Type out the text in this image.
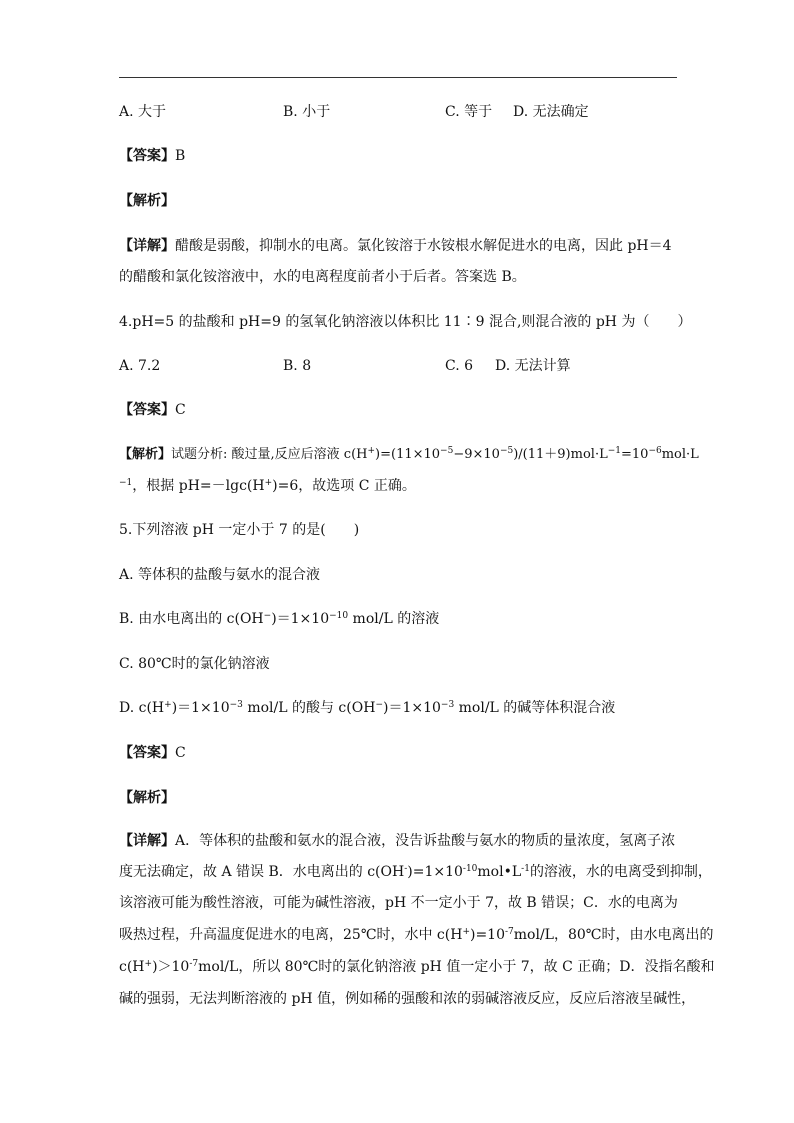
A. 大于	B. 小于	C. 等于 D. 无法确定
【答案】B
【解析】
【详解】醋酸是弱酸，抑制水的电离。氯化铵溶于水铵根水解促进水的电离，因此 pH＝4
的醋酸和氯化铵溶液中，水的电离程度前者小于后者。答案选 B。
4.pH=5 的盐酸和 pH=9 的氢氧化钠溶液以体积比 11∶9 混合,则混合液的 pH 为（　　）
A. 7.2	B. 8	C. 6 D. 无法计算
【答案】C
【解析】试题分析: 酸过量,反应后溶液 $c(H^+)=(11\times 10^{-5}-9\times 10^{-5})/(11+9)mol\cdot L^{-1}=10^{-6}mol\cdot L$
$^{-1}$，根据 pH=－lgc(H+)=6，故选项 C 正确。
5.下列溶液 pH 一定小于 7 的是(　　)
A. 等体积的盐酸与氨水的混合液
B. 由水电离出的 $c(OH^-)=1\times 10^{-10}$ mol/L 的溶液
C. 80℃时的氯化钠溶液
D. $c(H^+)=1\times 10^{-3}$ mol/L 的酸与 $c(OH^-)=1\times 10^{-3}$ mol/L 的碱等体积混合液
【答案】C
【解析】
【详解】A．等体积的盐酸和氨水的混合液，没告诉盐酸与氨水的物质的量浓度，氢离子浓
度无法确定，故 A 错误 B．水电离出的 $c(OH^-)=1\times 10^{-10}mol•L^{-1}$的溶液，水的电离受到抑制，
该溶液可能为酸性溶液，可能为碱性溶液，pH 不一定小于 7，故 B 错误；C．水的电离为
吸热过程，升高温度促进水的电离，25℃时，水中 $c(H^+)=10^{-7}mol/L$，80℃时，由水电离出的
$c(H^+)>10^{-7}mol/L$，所以 80℃时的氯化钠溶液 pH 值一定小于 7，故 C 正确；D．没指名酸和
碱的强弱，无法判断溶液的 pH 值，例如稀的强酸和浓的弱碱溶液反应，反应后溶液呈碱性，
